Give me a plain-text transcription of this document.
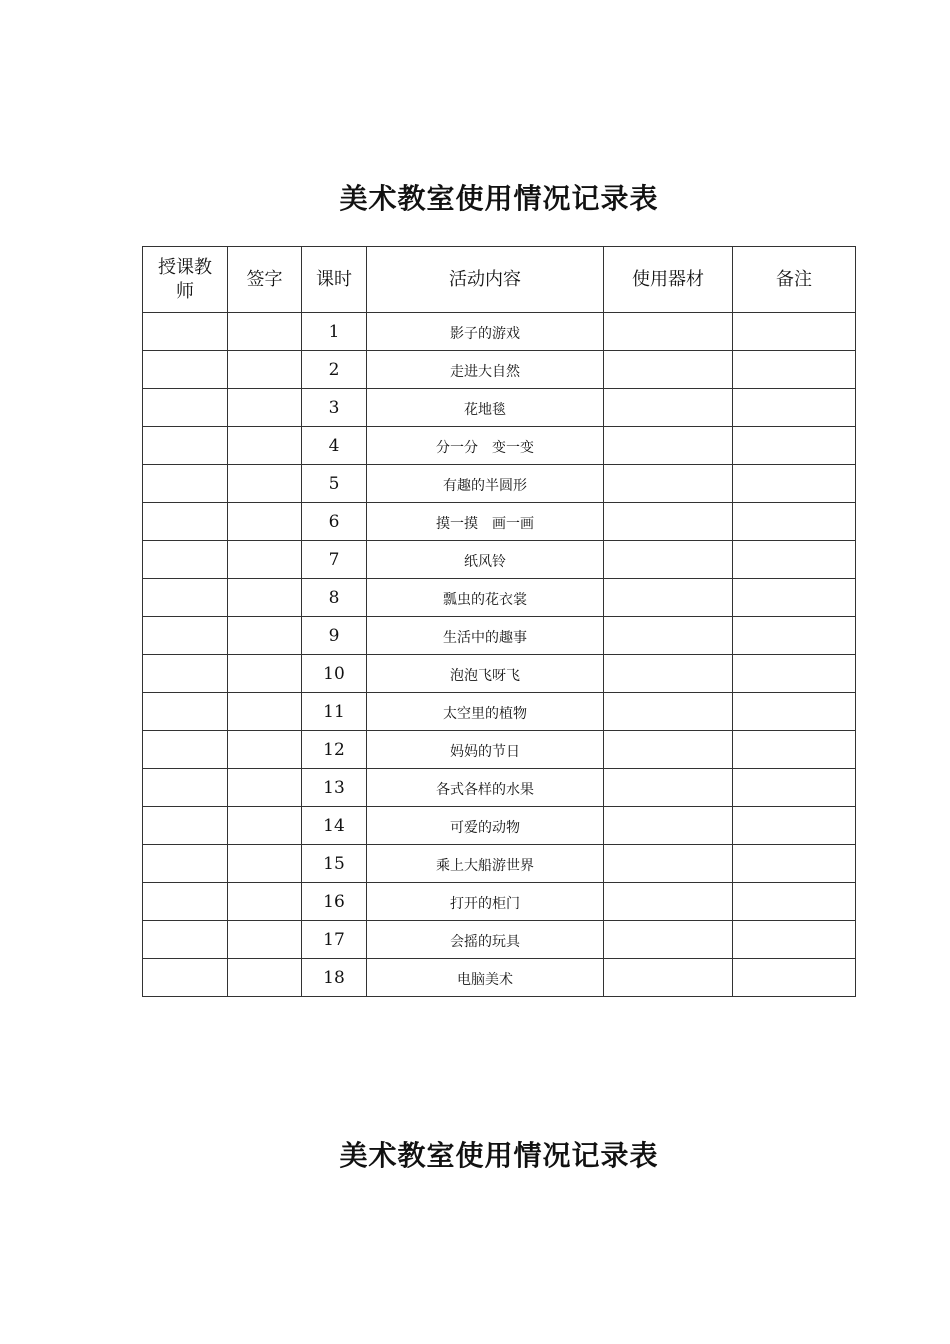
美术教室使用情况记录表
授课教师	签字	课时	活动内容	使用器材	备注
		1	影子的游戏		
		2	走进大自然		
		3	花地毯		
		4	分一分　变一变		
		5	有趣的半圆形		
		6	摸一摸　画一画		
		7	纸风铃		
		8	瓢虫的花衣裳		
		9	生活中的趣事		
		10	泡泡飞呀飞		
		11	太空里的植物		
		12	妈妈的节日		
		13	各式各样的水果		
		14	可爱的动物		
		15	乘上大船游世界		
		16	打开的柜门		
		17	会摇的玩具		
		18	电脑美术		
美术教室使用情况记录表
